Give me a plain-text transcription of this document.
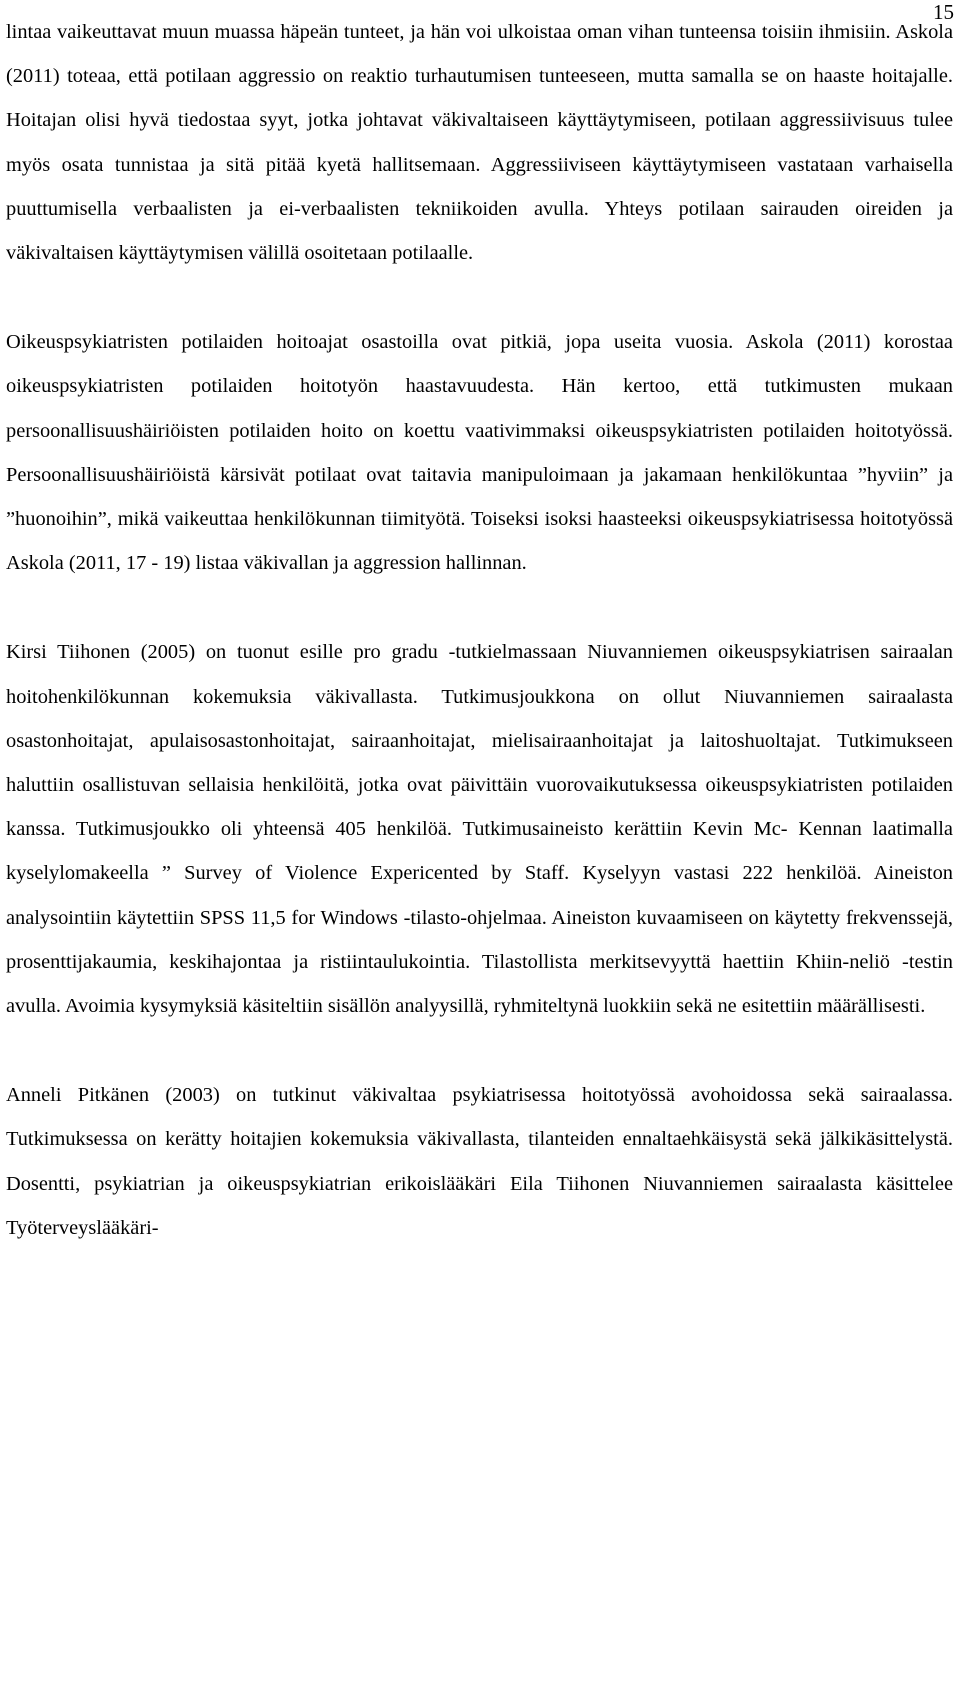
15

lintaa vaikeuttavat muun muassa häpeän tunteet, ja hän voi ulkoistaa oman vihan tunteensa toisiin ihmisiin. Askola (2011) toteaa, että potilaan aggressio on reaktio turhautumisen tunteeseen, mutta samalla se on haaste hoitajalle. Hoitajan olisi hyvä tiedostaa syyt, jotka johtavat väkivaltaiseen käyttäytymiseen, potilaan aggressiivisuus tulee myös osata tunnistaa ja sitä pitää kyetä hallitsemaan. Aggressiiviseen käyttäytymiseen vastataan varhaisella puuttumisella verbaalisten ja ei-verbaalisten tekniikoiden avulla. Yhteys potilaan sairauden oireiden ja väkivaltaisen käyttäytymisen välillä osoitetaan potilaalle.

Oikeuspsykiatristen potilaiden hoitoajat osastoilla ovat pitkiä, jopa useita vuosia. Askola (2011) korostaa oikeuspsykiatristen potilaiden hoitotyön haastavuudesta. Hän kertoo, että tutkimusten mukaan persoonallisuushäiriöisten potilaiden hoito on koettu vaativimmaksi oikeuspsykiatristen potilaiden hoitotyössä. Persoonallisuushäiriöistä kärsivät potilaat ovat taitavia manipuloimaan ja jakamaan henkilökuntaa ”hyviin” ja ”huonoihin”, mikä vaikeuttaa henkilökunnan tiimityötä. Toiseksi isoksi haasteeksi oikeuspsykiatrisessa hoitotyössä Askola (2011, 17 - 19) listaa väkivallan ja aggression hallinnan.

Kirsi Tiihonen (2005) on tuonut esille pro gradu -tutkielmassaan Niuvanniemen oikeuspsykiatrisen sairaalan hoitohenkilökunnan kokemuksia väkivallasta. Tutkimusjoukkona on ollut Niuvanniemen sairaalasta osastonhoitajat, apulaisosastonhoitajat, sairaanhoitajat, mielisairaanhoitajat ja laitoshuoltajat. Tutkimukseen haluttiin osallistuvan sellaisia henkilöitä, jotka ovat päivittäin vuorovaikutuksessa oikeuspsykiatristen potilaiden kanssa. Tutkimusjoukko oli yhteensä 405 henkilöä. Tutkimusaineisto kerättiin Kevin Mc- Kennan laatimalla kyselylomakeella ” Survey of Violence Expericented by Staff. Kyselyyn vastasi 222 henkilöä. Aineiston analysointiin käytettiin SPSS 11,5 for Windows -tilasto-ohjelmaa. Aineiston kuvaamiseen on käytetty frekvenssejä, prosenttijakaumia, keskihajontaa ja ristiintaulukointia. Tilastollista merkitsevyyttä haettiin Khiin-neliö -testin avulla. Avoimia kysymyksiä käsiteltiin sisällön analyysillä, ryhmiteltynä luokkiin sekä ne esitettiin määrällisesti.

Anneli Pitkänen (2003) on tutkinut väkivaltaa psykiatrisessa hoitotyössä avohoidossa sekä sairaalassa. Tutkimuksessa on kerätty hoitajien kokemuksia väkivallasta, tilanteiden ennaltaehkäisystä sekä jälkikäsittelystä. Dosentti, psykiatrian ja oikeuspsykiatrian erikoislääkäri Eila Tiihonen Niuvanniemen sairaalasta käsittelee Työterveyslääkäri-
